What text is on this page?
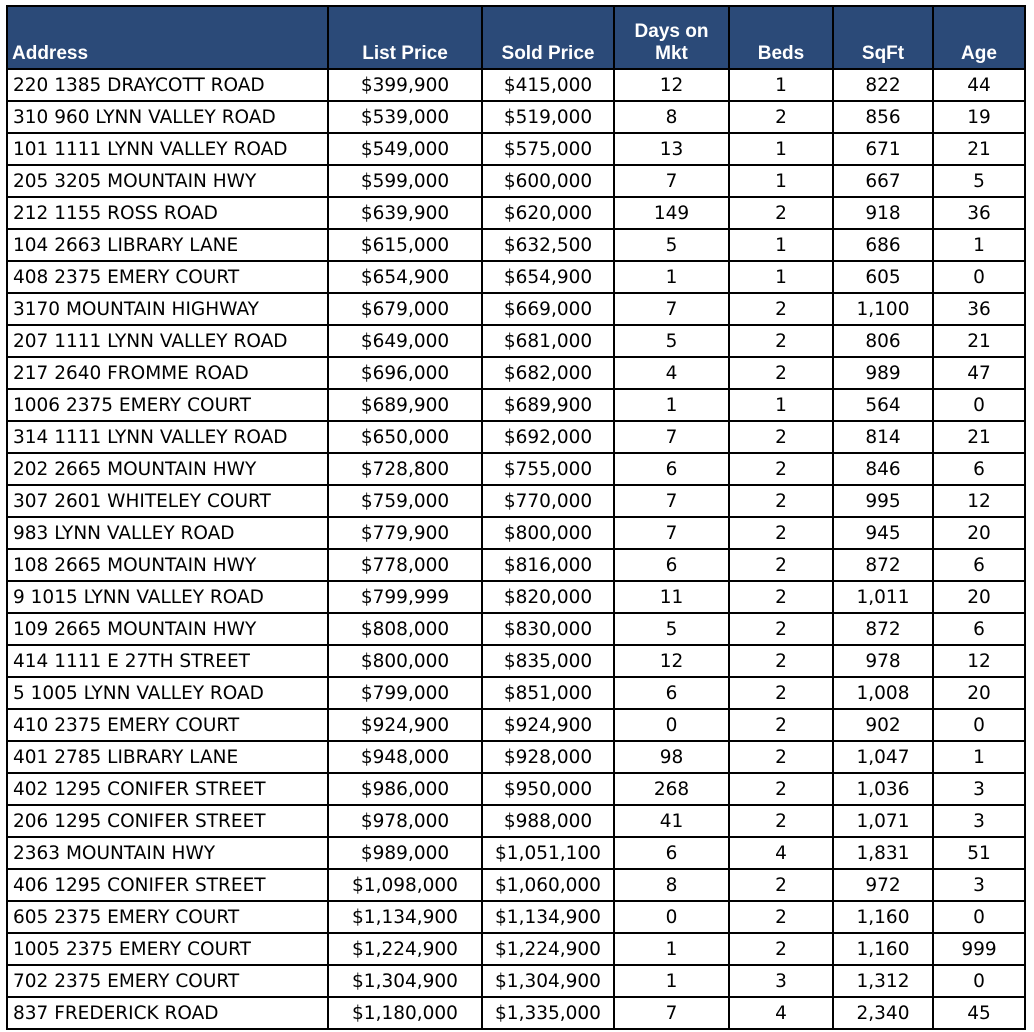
Address	List Price	Sold Price	Days on Mkt	Beds	SqFt	Age
220 1385 DRAYCOTT ROAD	$399,900	$415,000	12	1	822	44
310 960 LYNN VALLEY ROAD	$539,000	$519,000	8	2	856	19
101 1111 LYNN VALLEY ROAD	$549,000	$575,000	13	1	671	21
205 3205 MOUNTAIN HWY	$599,000	$600,000	7	1	667	5
212 1155 ROSS ROAD	$639,900	$620,000	149	2	918	36
104 2663 LIBRARY LANE	$615,000	$632,500	5	1	686	1
408 2375 EMERY COURT	$654,900	$654,900	1	1	605	0
3170 MOUNTAIN HIGHWAY	$679,000	$669,000	7	2	1,100	36
207 1111 LYNN VALLEY ROAD	$649,000	$681,000	5	2	806	21
217 2640 FROMME ROAD	$696,000	$682,000	4	2	989	47
1006 2375 EMERY COURT	$689,900	$689,900	1	1	564	0
314 1111 LYNN VALLEY ROAD	$650,000	$692,000	7	2	814	21
202 2665 MOUNTAIN HWY	$728,800	$755,000	6	2	846	6
307 2601 WHITELEY COURT	$759,000	$770,000	7	2	995	12
983 LYNN VALLEY ROAD	$779,900	$800,000	7	2	945	20
108 2665 MOUNTAIN HWY	$778,000	$816,000	6	2	872	6
9 1015 LYNN VALLEY ROAD	$799,999	$820,000	11	2	1,011	20
109 2665 MOUNTAIN HWY	$808,000	$830,000	5	2	872	6
414 1111 E 27TH STREET	$800,000	$835,000	12	2	978	12
5 1005 LYNN VALLEY ROAD	$799,000	$851,000	6	2	1,008	20
410 2375 EMERY COURT	$924,900	$924,900	0	2	902	0
401 2785 LIBRARY LANE	$948,000	$928,000	98	2	1,047	1
402 1295 CONIFER STREET	$986,000	$950,000	268	2	1,036	3
206 1295 CONIFER STREET	$978,000	$988,000	41	2	1,071	3
2363 MOUNTAIN HWY	$989,000	$1,051,100	6	4	1,831	51
406 1295 CONIFER STREET	$1,098,000	$1,060,000	8	2	972	3
605 2375 EMERY COURT	$1,134,900	$1,134,900	0	2	1,160	0
1005 2375 EMERY COURT	$1,224,900	$1,224,900	1	2	1,160	999
702 2375 EMERY COURT	$1,304,900	$1,304,900	1	3	1,312	0
837 FREDERICK ROAD	$1,180,000	$1,335,000	7	4	2,340	45
